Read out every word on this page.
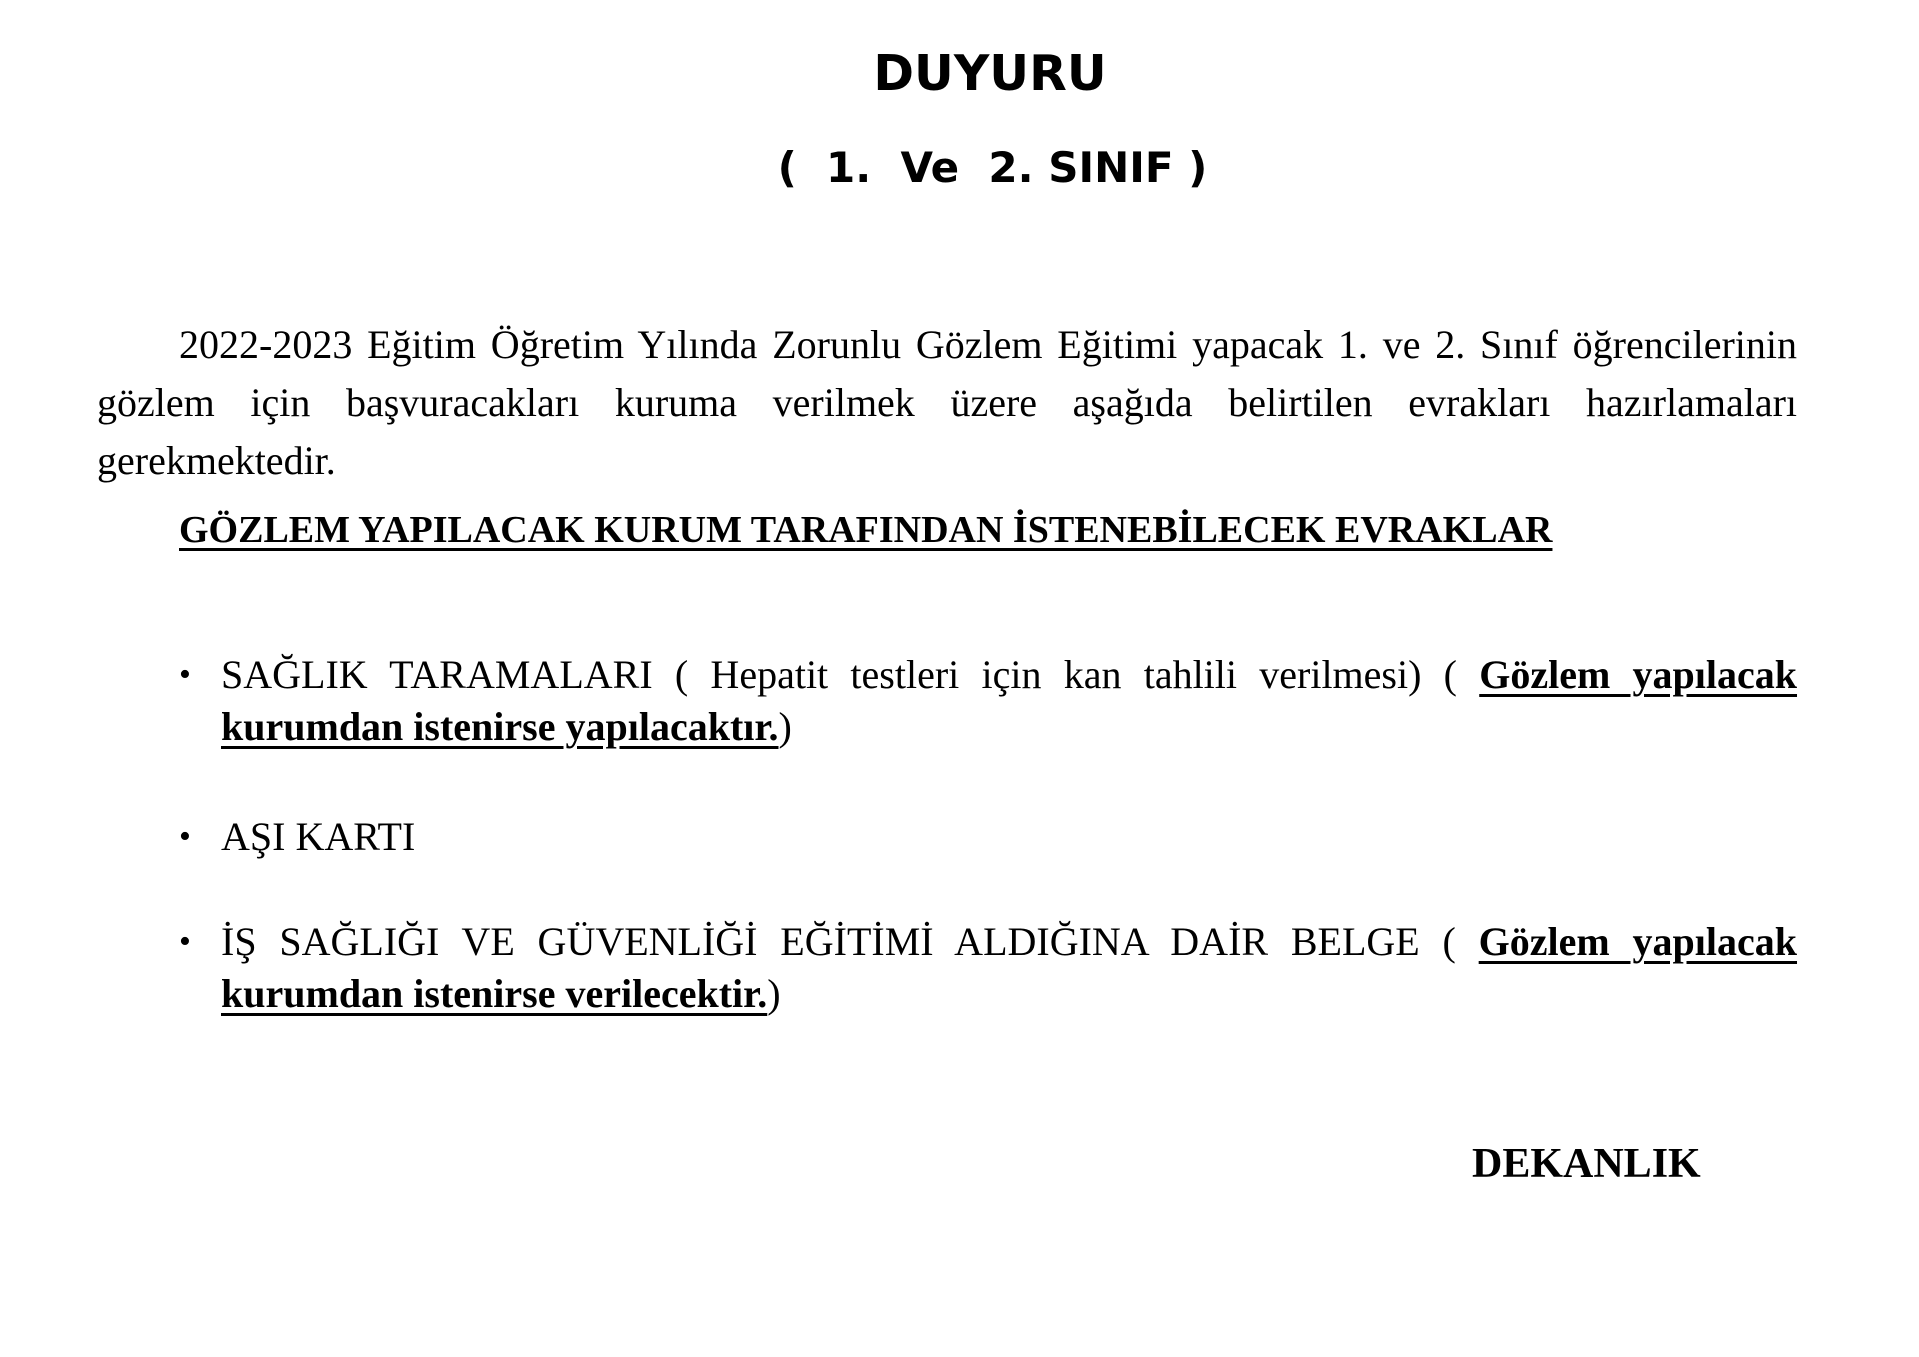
DUYURU
(  1.  Ve  2. SINIF )

2022-2023 Eğitim Öğretim Yılında Zorunlu Gözlem Eğitimi yapacak 1. ve 2. Sınıf öğrencilerinin gözlem için başvuracakları kuruma verilmek üzere aşağıda belirtilen evrakları hazırlamaları gerekmektedir.

GÖZLEM YAPILACAK KURUM TARAFINDAN İSTENEBİLECEK EVRAKLAR
• SAĞLIK TARAMALARI ( Hepatit testleri için kan tahlili verilmesi) ( Gözlem yapılacak kurumdan istenirse yapılacaktır.)
• AŞI KARTI
• İŞ SAĞLIĞI VE GÜVENLİĞİ EĞİTİMİ ALDIĞINA DAİR BELGE ( Gözlem yapılacak kurumdan istenirse verilecektir.)

DEKANLIK
